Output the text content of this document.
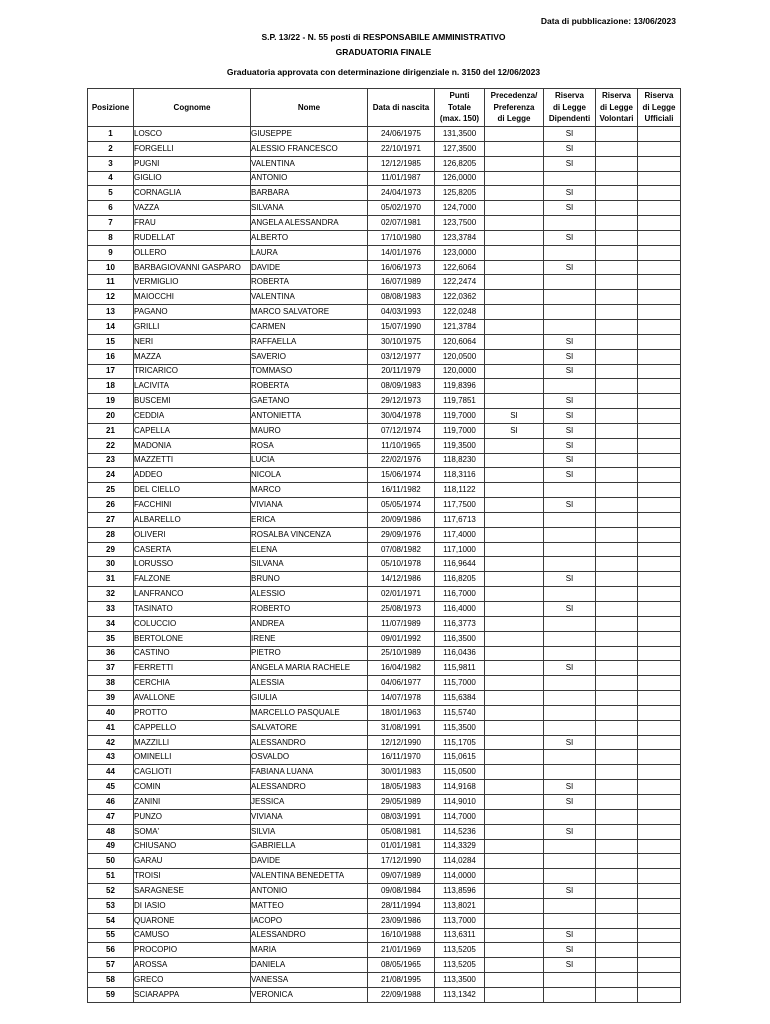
Data di pubblicazione: 13/06/2023
S.P. 13/22 - N. 55 posti di RESPONSABILE AMMINISTRATIVO
GRADUATORIA FINALE
Graduatoria approvata con determinazione dirigenziale n. 3150 del 12/06/2023
Posizione	Cognome	Nome	Data di nascita	Punti
Totale
(max. 150)	Precedenza/
Preferenza
di Legge	Riserva
di Legge
Dipendenti	Riserva
di Legge
Volontari	Riserva
di Legge
Ufficiali

1	LOSCO	GIUSEPPE	24/06/1975	131,3500		SI		
2	FORGELLI	ALESSIO FRANCESCO	22/10/1971	127,3500		SI		
3	PUGNI	VALENTINA	12/12/1985	126,8205		SI		
4	GIGLIO	ANTONIO	11/01/1987	126,0000				
5	CORNAGLIA	BARBARA	24/04/1973	125,8205		SI		
6	VAZZA	SILVANA	05/02/1970	124,7000		SI		
7	FRAU	ANGELA ALESSANDRA	02/07/1981	123,7500				
8	RUDELLAT	ALBERTO	17/10/1980	123,3784		SI		
9	OLLERO	LAURA	14/01/1976	123,0000				
10	BARBAGIOVANNI GASPARO	DAVIDE	16/06/1973	122,6064		SI		
11	VERMIGLIO	ROBERTA	16/07/1989	122,2474				
12	MAIOCCHI	VALENTINA	08/08/1983	122,0362				
13	PAGANO	MARCO SALVATORE	04/03/1993	122,0248				
14	GRILLI	CARMEN	15/07/1990	121,3784				
15	NERI	RAFFAELLA	30/10/1975	120,6064		SI		
16	MAZZA	SAVERIO	03/12/1977	120,0500		SI		
17	TRICARICO	TOMMASO	20/11/1979	120,0000		SI		
18	LACIVITA	ROBERTA	08/09/1983	119,8396				
19	BUSCEMI	GAETANO	29/12/1973	119,7851		SI		
20	CEDDIA	ANTONIETTA	30/04/1978	119,7000	SI	SI		
21	CAPELLA	MAURO	07/12/1974	119,7000	SI	SI		
22	MADONIA	ROSA	11/10/1965	119,3500		SI		
23	MAZZETTI	LUCIA	22/02/1976	118,8230		SI		
24	ADDEO	NICOLA	15/06/1974	118,3116		SI		
25	DEL CIELLO	MARCO	16/11/1982	118,1122				
26	FACCHINI	VIVIANA	05/05/1974	117,7500		SI		
27	ALBARELLO	ERICA	20/09/1986	117,6713				
28	OLIVERI	ROSALBA VINCENZA	29/09/1976	117,4000				
29	CASERTA	ELENA	07/08/1982	117,1000				
30	LORUSSO	SILVANA	05/10/1978	116,9644				
31	FALZONE	BRUNO	14/12/1986	116,8205		SI		
32	LANFRANCO	ALESSIO	02/01/1971	116,7000				
33	TASINATO	ROBERTO	25/08/1973	116,4000		SI		
34	COLUCCIO	ANDREA	11/07/1989	116,3773				
35	BERTOLONE	IRENE	09/01/1992	116,3500				
36	CASTINO	PIETRO	25/10/1989	116,0436				
37	FERRETTI	ANGELA MARIA RACHELE	16/04/1982	115,9811		SI		
38	CERCHIA	ALESSIA	04/06/1977	115,7000				
39	AVALLONE	GIULIA	14/07/1978	115,6384				
40	PROTTO	MARCELLO PASQUALE	18/01/1963	115,5740				
41	CAPPELLO	SALVATORE	31/08/1991	115,3500				
42	MAZZILLI	ALESSANDRO	12/12/1990	115,1705		SI		
43	OMINELLI	OSVALDO	16/11/1970	115,0615				
44	CAGLIOTI	FABIANA LUANA	30/01/1983	115,0500				
45	COMIN	ALESSANDRO	18/05/1983	114,9168		SI		
46	ZANINI	JESSICA	29/05/1989	114,9010		SI		
47	PUNZO	VIVIANA	08/03/1991	114,7000				
48	SOMA'	SILVIA	05/08/1981	114,5236		SI		
49	CHIUSANO	GABRIELLA	01/01/1981	114,3329				
50	GARAU	DAVIDE	17/12/1990	114,0284				
51	TROISI	VALENTINA BENEDETTA	09/07/1989	114,0000				
52	SARAGNESE	ANTONIO	09/08/1984	113,8596		SI		
53	DI IASIO	MATTEO	28/11/1994	113,8021				
54	QUARONE	IACOPO	23/09/1986	113,7000				
55	CAMUSO	ALESSANDRO	16/10/1988	113,6311		SI		
56	PROCOPIO	MARIA	21/01/1969	113,5205		SI		
57	AROSSA	DANIELA	08/05/1965	113,5205		SI		
58	GRECO	VANESSA	21/08/1995	113,3500				
59	SCIARAPPA	VERONICA	22/09/1988	113,1342				
